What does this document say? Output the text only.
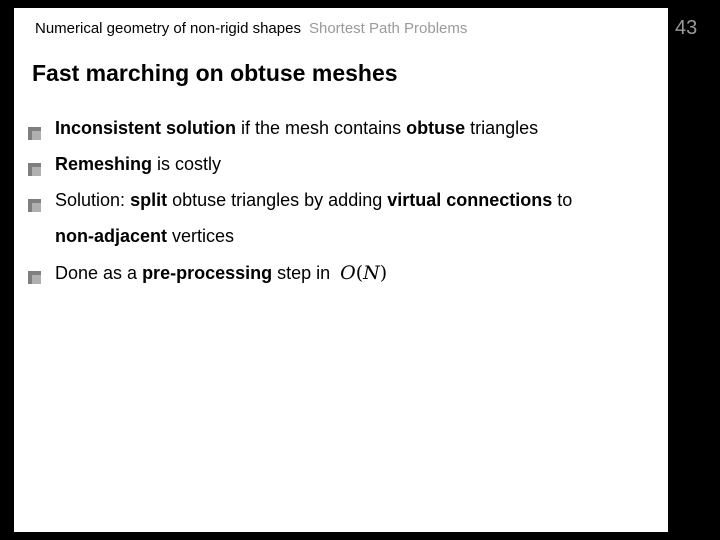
Numerical geometry of non-rigid shapes Shortest Path Problems
Fast marching on obtuse meshes
Inconsistent solution if the mesh contains obtuse triangles
Remeshing is costly
Solution: split obtuse triangles by adding virtual connections to
non-adjacent vertices
Done as a pre-processing step in O(N)
43
